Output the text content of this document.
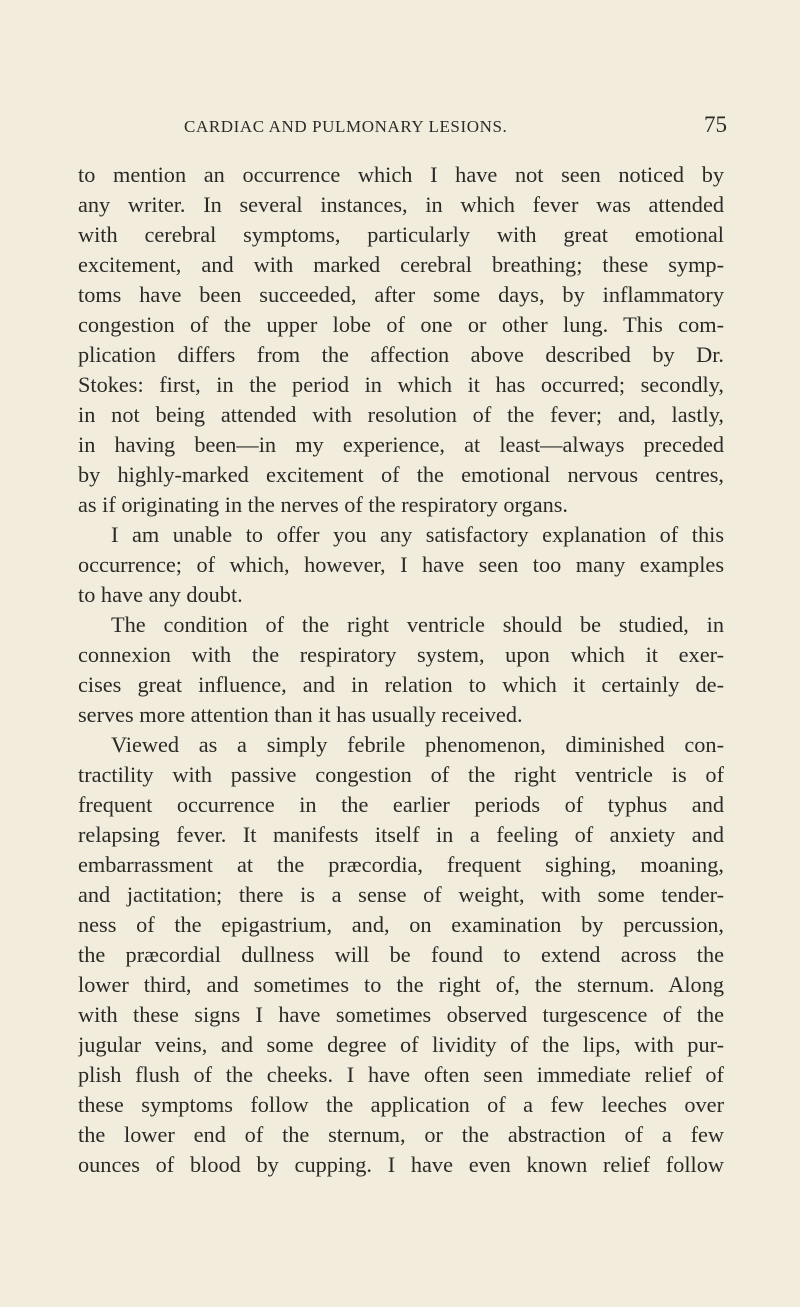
CARDIAC AND PULMONARY LESIONS.	75
to mention an occurrence which I have not seen noticed by
any writer. In several instances, in which fever was attended
with cerebral symptoms, particularly with great emotional
excitement, and with marked cerebral breathing; these symp-
toms have been succeeded, after some days, by inflammatory
congestion of the upper lobe of one or other lung. This com-
plication differs from the affection above described by Dr.
Stokes: first, in the period in which it has occurred; secondly,
in not being attended with resolution of the fever; and, lastly,
in having been—in my experience, at least—always preceded
by highly-marked excitement of the emotional nervous centres,
as if originating in the nerves of the respiratory organs.
I am unable to offer you any satisfactory explanation of this
occurrence; of which, however, I have seen too many examples
to have any doubt.
The condition of the right ventricle should be studied, in
connexion with the respiratory system, upon which it exer-
cises great influence, and in relation to which it certainly de-
serves more attention than it has usually received.
Viewed as a simply febrile phenomenon, diminished con-
tractility with passive congestion of the right ventricle is of
frequent occurrence in the earlier periods of typhus and
relapsing fever. It manifests itself in a feeling of anxiety and
embarrassment at the præcordia, frequent sighing, moaning,
and jactitation; there is a sense of weight, with some tender-
ness of the epigastrium, and, on examination by percussion,
the præcordial dullness will be found to extend across the
lower third, and sometimes to the right of, the sternum. Along
with these signs I have sometimes observed turgescence of the
jugular veins, and some degree of lividity of the lips, with pur-
plish flush of the cheeks. I have often seen immediate relief of
these symptoms follow the application of a few leeches over
the lower end of the sternum, or the abstraction of a few
ounces of blood by cupping. I have even known relief follow
